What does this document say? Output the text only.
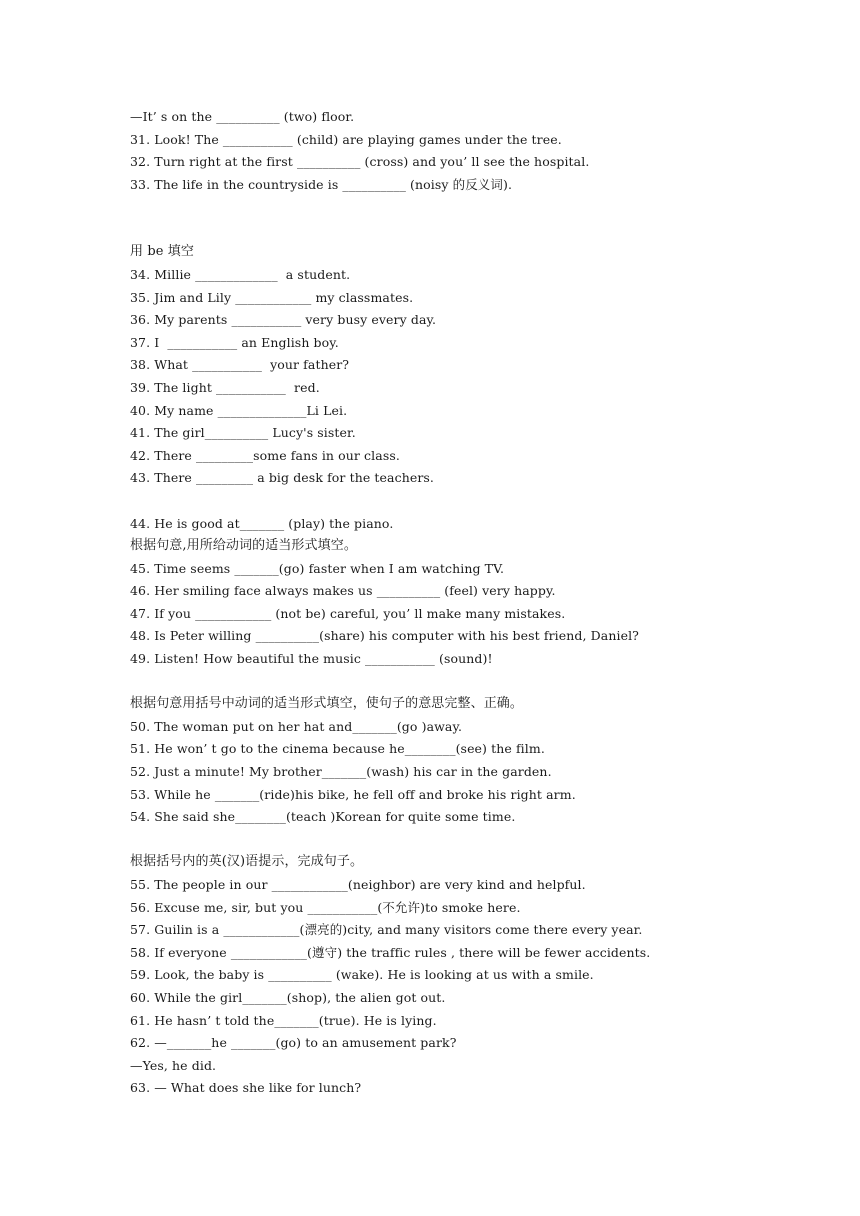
—It’ s on the __________ (two) floor.
31. Look! The ___________ (child) are playing games under the tree.
32. Turn right at the first __________ (cross) and you’ ll see the hospital.
33. The life in the countryside is __________ (noisy 的反义词).
用 be 填空
34. Millie _____________  a student.
35. Jim and Lily ____________ my classmates.
36. My parents ___________ very busy every day.
37. I  ___________ an English boy.
38. What ___________  your father?
39. The light ___________  red.
40. My name ______________Li Lei.
41. The girl__________ Lucy's sister.
42. There _________some fans in our class.
43. There _________ a big desk for the teachers.
44. He is good at_______ (play) the piano.
根据句意,用所给动词的适当形式填空。
45. Time seems _______(go) faster when I am watching TV.
46. Her smiling face always makes us __________ (feel) very happy.
47. If you ____________ (not be) careful, you’ ll make many mistakes.
48. Is Peter willing __________(share) his computer with his best friend, Daniel?
49. Listen! How beautiful the music ___________ (sound)!
根据句意用括号中动词的适当形式填空，使句子的意思完整、正确。
50. The woman put on her hat and_______(go )away.
51. He won’ t go to the cinema because he________(see) the film.
52. Just a minute! My brother_______(wash) his car in the garden.
53. While he _______(ride)his bike, he fell off and broke his right arm.
54. She said she________(teach )Korean for quite some time.
根据括号内的英(汉)语提示，完成句子。
55. The people in our ____________(neighbor) are very kind and helpful.
56. Excuse me, sir, but you ___________(不允许)to smoke here.
57. Guilin is a ____________(漂亮的)city, and many visitors come there every year.
58. If everyone ____________(遵守) the traffic rules , there will be fewer accidents.
59. Look, the baby is __________ (wake). He is looking at us with a smile.
60. While the girl_______(shop), the alien got out.
61. He hasn’ t told the_______(true). He is lying.
62. —_______he _______(go) to an amusement park?
—Yes, he did.
63. — What does she like for lunch?
